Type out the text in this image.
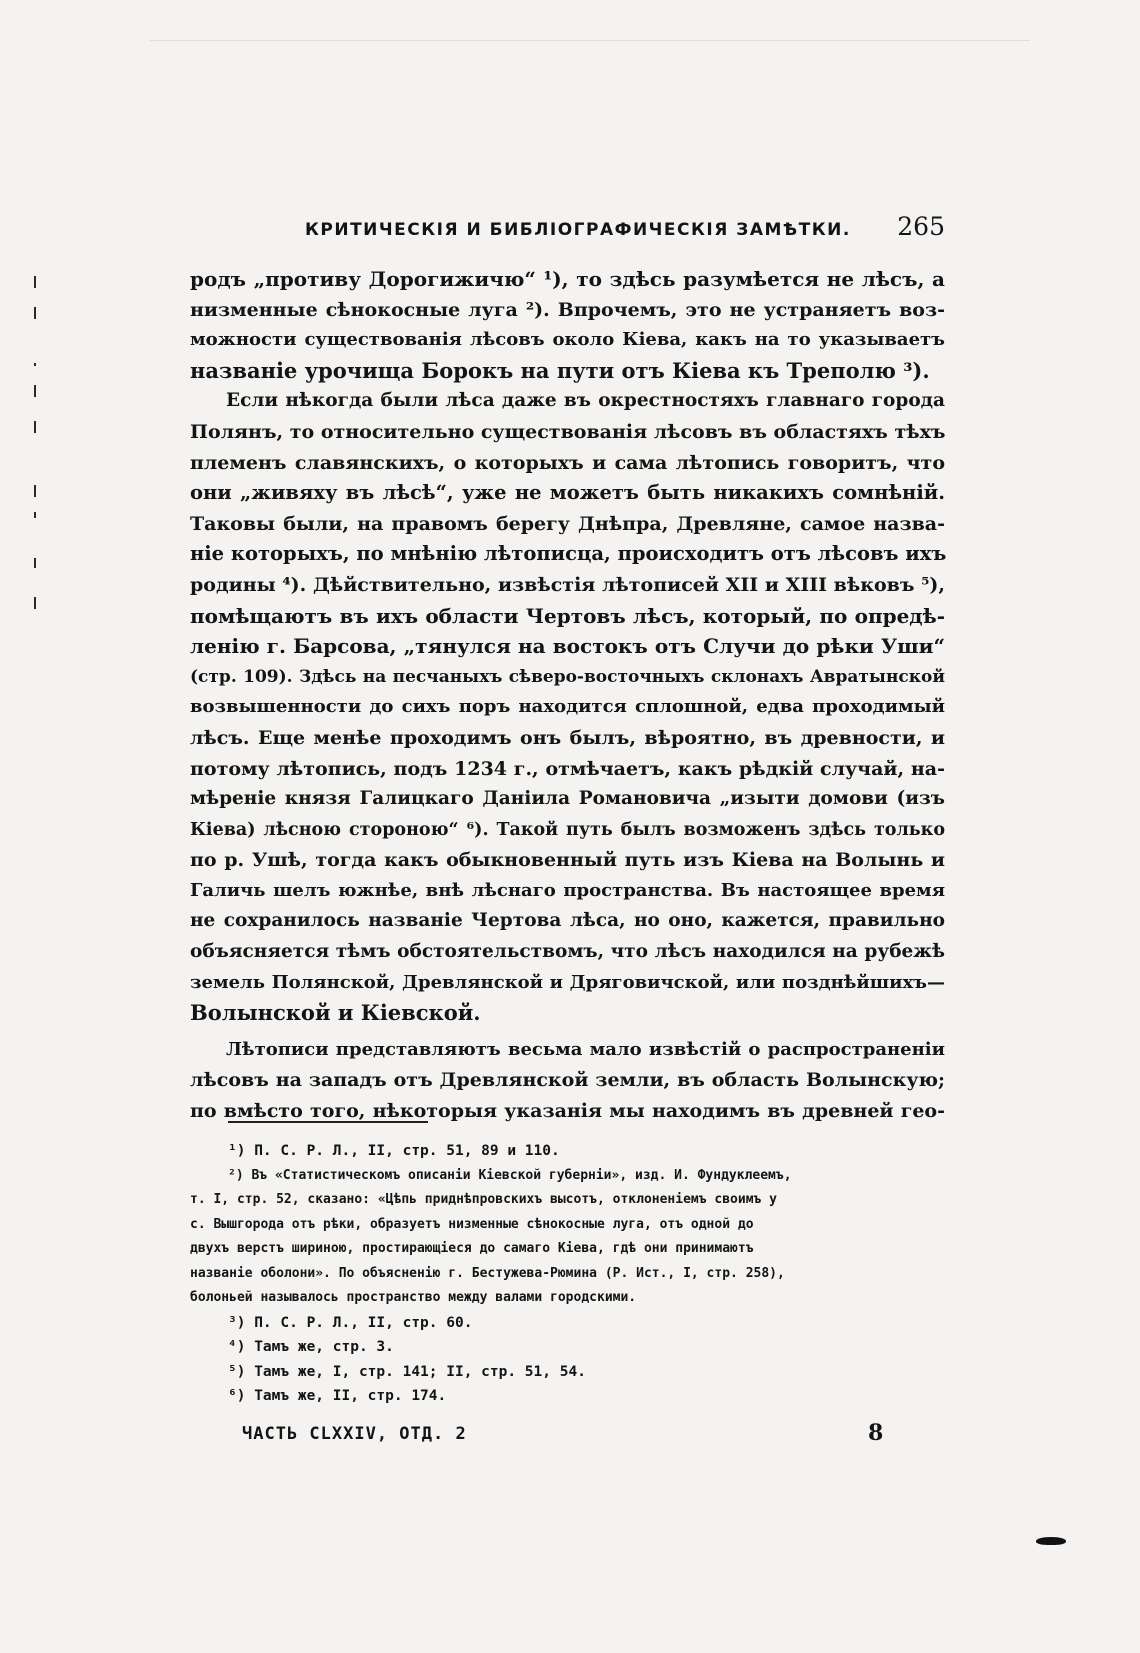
КРИТИЧЕСКІЯ И БИБЛІОГРАФИЧЕСКІЯ ЗАМѢТКИ. 265
родъ „противу Дорогижичю“ ¹), то здѣсь разумѣется не лѣсъ, а
низменные сѣнокосные луга ²). Впрочемъ, это не устраняетъ воз-
можности существованія лѣсовъ около Кіева, какъ на то указываетъ
названіе урочища Борокъ на пути отъ Кіева къ Треполю ³).
Если нѣкогда были лѣса даже въ окрестностяхъ главнаго города
Полянъ, то относительно существованія лѣсовъ въ областяхъ тѣхъ
племенъ славянскихъ, о которыхъ и сама лѣтопись говоритъ, что
они „живяху въ лѣсѣ“, уже не можетъ быть никакихъ сомнѣній.
Таковы были, на правомъ берегу Днѣпра, Древляне, самое назва-
ніе которыхъ, по мнѣнію лѣтописца, происходитъ отъ лѣсовъ ихъ
родины ⁴). Дѣйствительно, извѣстія лѣтописей XII и XIII вѣковъ ⁵),
помѣщаютъ въ ихъ области Чертовъ лѣсъ, который, по опредѣ-
ленію г. Барсова, „тянулся на востокъ отъ Случи до рѣки Уши“
(стр. 109). Здѣсь на песчаныхъ сѣверо-восточныхъ склонахъ Авратынской
возвышенности до сихъ поръ находится сплошной, едва проходимый
лѣсъ. Еще менѣе проходимъ онъ былъ, вѣроятно, въ древности, и
потому лѣтопись, подъ 1234 г., отмѣчаетъ, какъ рѣдкій случай, на-
мѣреніе князя Галицкаго Даніила Романовича „изыти домови (изъ
Кіева) лѣсною стороною“ ⁶). Такой путь былъ возможенъ здѣсь только
по р. Ушѣ, тогда какъ обыкновенный путь изъ Кіева на Волынь и
Галичь шелъ южнѣе, внѣ лѣснаго пространства. Въ настоящее время
не сохранилось названіе Чертова лѣса, но оно, кажется, правильно
объясняется тѣмъ обстоятельствомъ, что лѣсъ находился на рубежѣ
земель Полянской, Древлянской и Дряговичской, или позднѣйшихъ—
Волынской и Кіевской.
Лѣтописи представляютъ весьма мало извѣстій о распространеніи
лѣсовъ на западъ отъ Древлянской земли, въ область Волынскую;
по вмѣсто того, нѣкоторыя указанія мы находимъ въ древней гео-
¹) П. С. Р. Л., II, стр. 51, 89 и 110.
²) Въ «Статистическомъ описаніи Кіевской губерніи», изд. И. Фундуклеемъ,
т. I, стр. 52, сказано: «Цѣпь приднѣпровскихъ высотъ, отклоненіемъ своимъ у
с. Вышгорода отъ рѣки, образуетъ низменные сѣнокосные луга, отъ одной до
двухъ верстъ шириною, простирающіеся до самаго Кіева, гдѣ они принимаютъ
названіе оболони». По объясненію г. Бестужева-Рюмина (Р. Ист., I, стр. 258),
болоньей называлось пространство между валами городскими.
³) П. С. Р. Л., II, стр. 60.
⁴) Тамъ же, стр. 3.
⁵) Тамъ же, I, стр. 141; II, стр. 51, 54.
⁶) Тамъ же, II, стр. 174.
ЧАСТЬ CLXXIV, ОТД. 2	8
